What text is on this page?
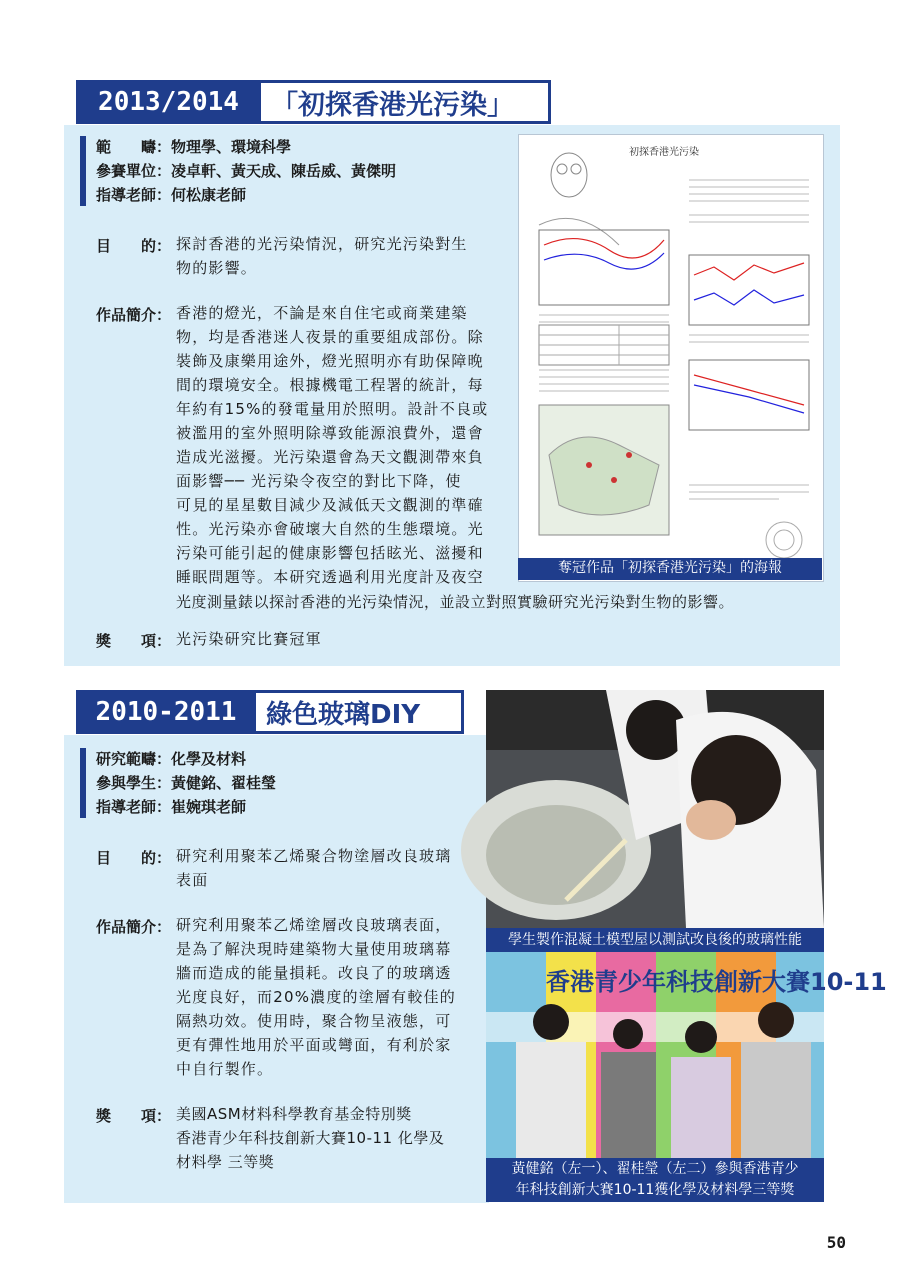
2013/2014	「初探香港光污染」
範　　疇：物理學、環境科學
參賽單位：凌卓軒、黃天成、陳岳威、黃傑明
指導老師：何松康老師
目　　的： 探討香港的光污染情況，研究光污染對生
物的影響。
作品簡介： 香港的燈光，不論是來自住宅或商業建築
物，均是香港迷人夜景的重要組成部份。除
裝飾及康樂用途外，燈光照明亦有助保障晚
間的環境安全。根據機電工程署的統計，每
年約有15%的發電量用於照明。設計不良或
被濫用的室外照明除導致能源浪費外，還會
造成光滋擾。光污染還會為天文觀測帶來負
面影響── 光污染令夜空的對比下降，使
可見的星星數目減少及減低天文觀測的準確
性。光污染亦會破壞大自然的生態環境。光
污染可能引起的健康影響包括眩光、滋擾和
睡眠問題等。本研究透過利用光度計及夜空
光度測量錶以探討香港的光污染情況，並設立對照實驗研究光污染對生物的影響。
獎　　項： 光污染研究比賽冠軍
初探香港光污染
奪冠作品「初探香港光污染」的海報
2010-2011	綠色玻璃DIY
研究範疇：化學及材料
參與學生：黃健銘、翟桂瑩
指導老師：崔婉琪老師
目　　的： 研究利用聚苯乙烯聚合物塗層改良玻璃
表面
作品簡介： 研究利用聚苯乙烯塗層改良玻璃表面，
是為了解決現時建築物大量使用玻璃幕
牆而造成的能量損耗。改良了的玻璃透
光度良好，而20%濃度的塗層有較佳的
隔熱功效。使用時，聚合物呈液態，可
更有彈性地用於平面或彎面，有利於家
中自行製作。
獎　　項： 美國ASM材料科學教育基金特別獎
香港青少年科技創新大賽10-11 化學及
材料學 三等獎
學生製作混凝土模型屋以測試改良後的玻璃性能
香港青少年科技創新大賽10-11
黃健銘（左一）、翟桂瑩（左二）參與香港青少
年科技創新大賽10-11獲化學及材料學三等獎
50
